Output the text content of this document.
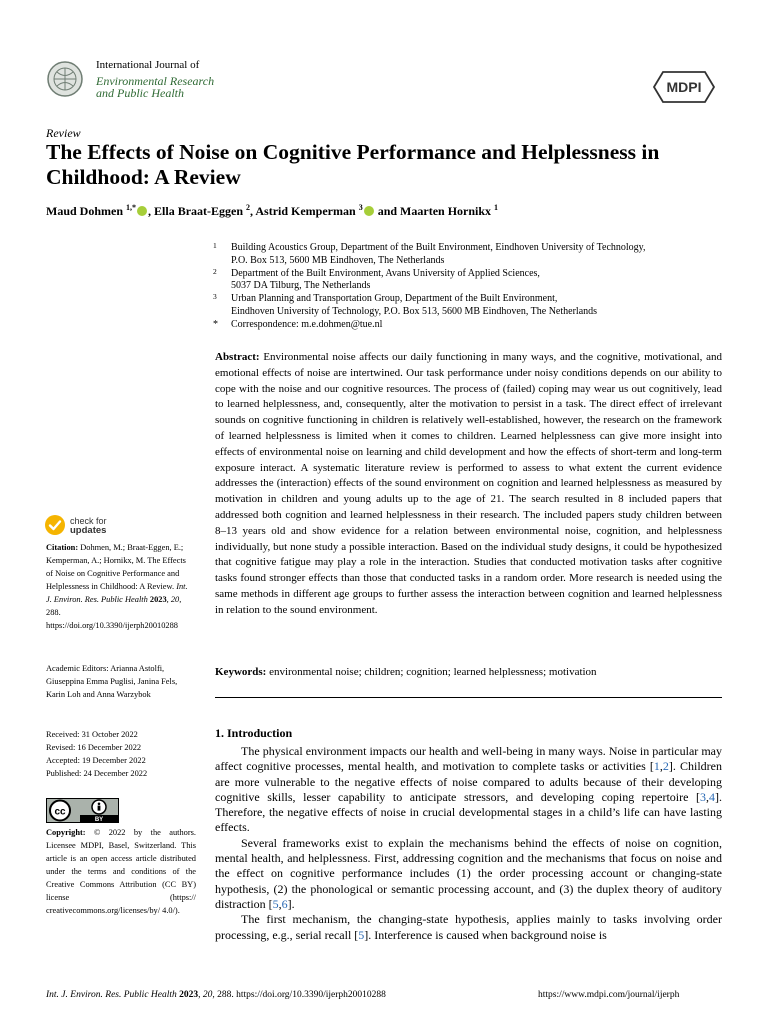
International Journal of
Environmental Research
and Public Health	MDPI
Review
The Effects of Noise on Cognitive Performance and Helplessness in Childhood: A Review
Maud Dohmen $^{1,*}$ , Ella Braat-Eggen $^2$, Astrid Kemperman $^3$ and Maarten Hornikx $^1$
1 Building Acoustics Group, Department of the Built Environment, Eindhoven University of Technology,
P.O. Box 513, 5600 MB Eindhoven, The Netherlands
2 Department of the Built Environment, Avans University of Applied Sciences,
5037 DA Tilburg, The Netherlands
3 Urban Planning and Transportation Group, Department of the Built Environment,
Eindhoven University of Technology, P.O. Box 513, 5600 MB Eindhoven, The Netherlands
* Correspondence: m.e.dohmen@tue.nl
Abstract: Environmental noise affects our daily functioning in many ways, and the cognitive, motivational, and emotional effects of noise are intertwined. Our task performance under noisy conditions depends on our ability to cope with the noise and our cognitive resources. The process of (failed) coping may wear us out cognitively, lead to learned helplessness, and, consequently, alter the motivation to persist in a task. The direct effect of irrelevant sounds on cognitive functioning in children is relatively well-established, however, the research on the framework of learned helplessness is limited when it comes to children. Learned helplessness can give more insight into effects of environmental noise on learning and child development and how the effects of short-term and long-term exposure interact. A systematic literature review is performed to assess to what extent the current evidence addresses the (interaction) effects of the sound environment on cognition and learned helplessness as measured by motivation in children and young adults up to the age of 21. The search resulted in 8 included papers that addressed both cognition and learned helplessness in their research. The included papers study children between 8–13 years old and show evidence for a relation between environmental noise, cognition, and helplessness individually, but none study a possible interaction. Based on the individual study designs, it could be hypothesized that cognitive fatigue may play a role in the interaction. Studies that conducted motivation tasks after cognitive tasks found stronger effects than those that conducted tasks in a random order. More research is needed using the same methods in different age groups to further assess the interaction between cognition and learned helplessness in relation to the sound environment.
Keywords: environmental noise; children; cognition; learned helplessness; motivation
1. Introduction

The physical environment impacts our health and well-being in many ways. Noise in particular may affect cognitive processes, mental health, and motivation to complete tasks or activities [1,2]. Children are more vulnerable to the negative effects of noise compared to adults because of their developing cognitive skills, lesser capability to anticipate stressors, and developing coping repertoire [3,4]. Therefore, the negative effects of noise in crucial developmental stages in a child’s life can have lasting effects.

Several frameworks exist to explain the mechanisms behind the effects of noise on cognition, mental health, and helplessness. First, addressing cognition and the mechanisms that focus on noise and the effect on cognitive performance includes (1) the order processing account or changing-state hypothesis, (2) the phonological or semantic processing account, and (3) the duplex theory of auditory distraction [5,6].

The first mechanism, the changing-state hypothesis, applies mainly to tasks involving order processing, e.g., serial recall [5]. Interference is caused when background noise is

check for
updates
Citation: Dohmen, M.; Braat-Eggen, E.; Kemperman, A.; Hornikx, M. The Effects of Noise on Cognitive Performance and Helplessness in Childhood: A Review. Int. J. Environ. Res. Public Health 2023, 20, 288. https://doi.org/10.3390/ijerph20010288
Academic Editors: Arianna Astolfi, Giuseppina Emma Puglisi, Janina Fels, Karin Loh and Anna Warzybok
Received: 31 October 2022
Revised: 16 December 2022
Accepted: 19 December 2022
Published: 24 December 2022
cc
BY
Copyright: © 2022 by the authors. Licensee MDPI, Basel, Switzerland. This article is an open access article distributed under the terms and conditions of the Creative Commons Attribution (CC BY) license (https:// creativecommons.org/licenses/by/ 4.0/).
Int. J. Environ. Res. Public Health 2023, 20, 288. https://doi.org/10.3390/ijerph20010288	https://www.mdpi.com/journal/ijerph
